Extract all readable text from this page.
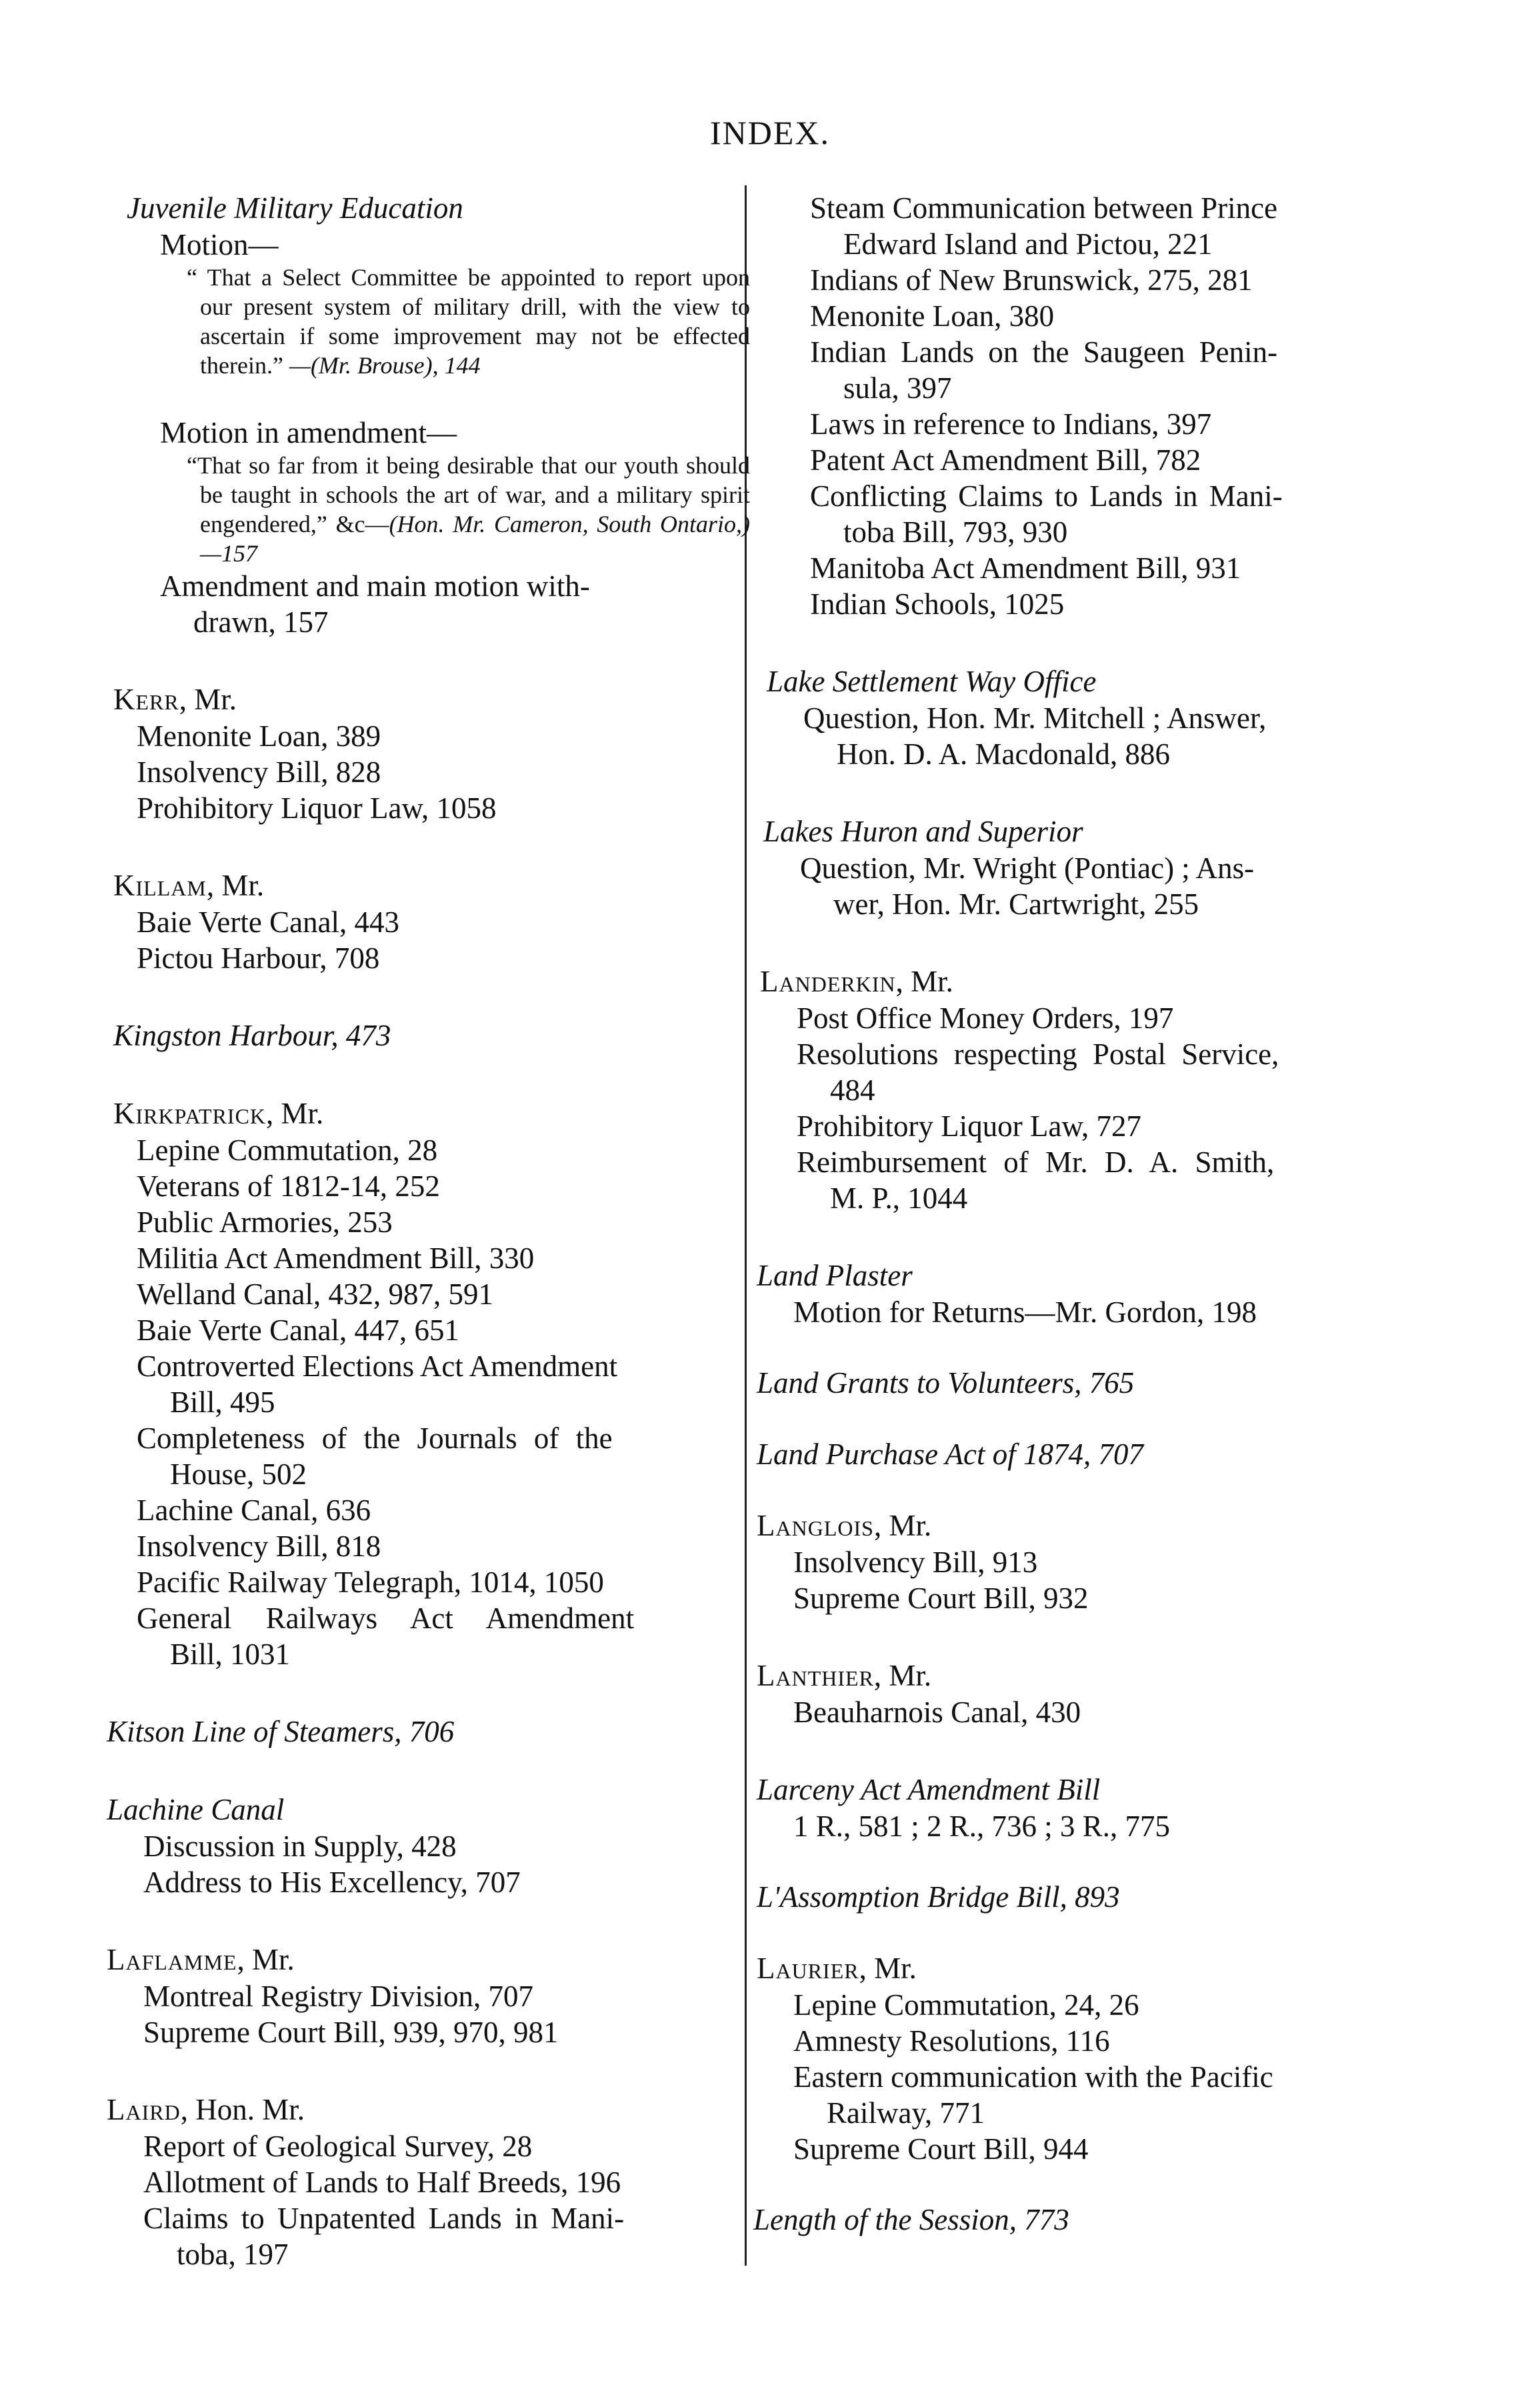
INDEX.
Juvenile Military Education
Motion—
“ That a Select Committee be appointed to report upon our present system of military drill, with the view to ascertain if some improvement may not be effected therein.” —(Mr. Brouse), 144
Motion in amendment—
“That so far from it being desirable that our youth should be taught in schools the art of war, and a military spirit engendered,” &c—(Hon. Mr. Cameron, South Ontario,)—157
Amendment and main motion with-
drawn, 157
Kerr, Mr.
Menonite Loan, 389
Insolvency Bill, 828
Prohibitory Liquor Law, 1058
Killam, Mr.
Baie Verte Canal, 443
Pictou Harbour, 708
Kingston Harbour, 473
Kirkpatrick, Mr.
Lepine Commutation, 28
Veterans of 1812-14, 252
Public Armories, 253
Militia Act Amendment Bill, 330
Welland Canal, 432, 987, 591
Baie Verte Canal, 447, 651
Controverted Elections Act Amendment
Bill, 495
Completeness of the Journals of the
House, 502
Lachine Canal, 636
Insolvency Bill, 818
Pacific Railway Telegraph, 1014, 1050
General Railways Act Amendment
Bill, 1031
Kitson Line of Steamers, 706
Lachine Canal
Discussion in Supply, 428
Address to His Excellency, 707
Laflamme, Mr.
Montreal Registry Division, 707
Supreme Court Bill, 939, 970, 981
Laird, Hon. Mr.
Report of Geological Survey, 28
Allotment of Lands to Half Breeds, 196
Claims to Unpatented Lands in Mani-
toba, 197
Steam Communication between Prince
Edward Island and Pictou, 221
Indians of New Brunswick, 275, 281
Menonite Loan, 380
Indian Lands on the Saugeen Penin-
sula, 397
Laws in reference to Indians, 397
Patent Act Amendment Bill, 782
Conflicting Claims to Lands in Mani-
toba Bill, 793, 930
Manitoba Act Amendment Bill, 931
Indian Schools, 1025
Lake Settlement Way Office
Question, Hon. Mr. Mitchell ; Answer,
Hon. D. A. Macdonald, 886
Lakes Huron and Superior
Question, Mr. Wright (Pontiac) ; Ans-
wer, Hon. Mr. Cartwright, 255
Landerkin, Mr.
Post Office Money Orders, 197
Resolutions respecting Postal Service,
484
Prohibitory Liquor Law, 727
Reimbursement of Mr. D. A. Smith,
M. P., 1044
Land Plaster
Motion for Returns—Mr. Gordon, 198
Land Grants to Volunteers, 765
Land Purchase Act of 1874, 707
Langlois, Mr.
Insolvency Bill, 913
Supreme Court Bill, 932
Lanthier, Mr.
Beauharnois Canal, 430
Larceny Act Amendment Bill
1 R., 581 ; 2 R., 736 ; 3 R., 775
L'Assomption Bridge Bill, 893
Laurier, Mr.
Lepine Commutation, 24, 26
Amnesty Resolutions, 116
Eastern communication with the Pacific
Railway, 771
Supreme Court Bill, 944
Length of the Session, 773
